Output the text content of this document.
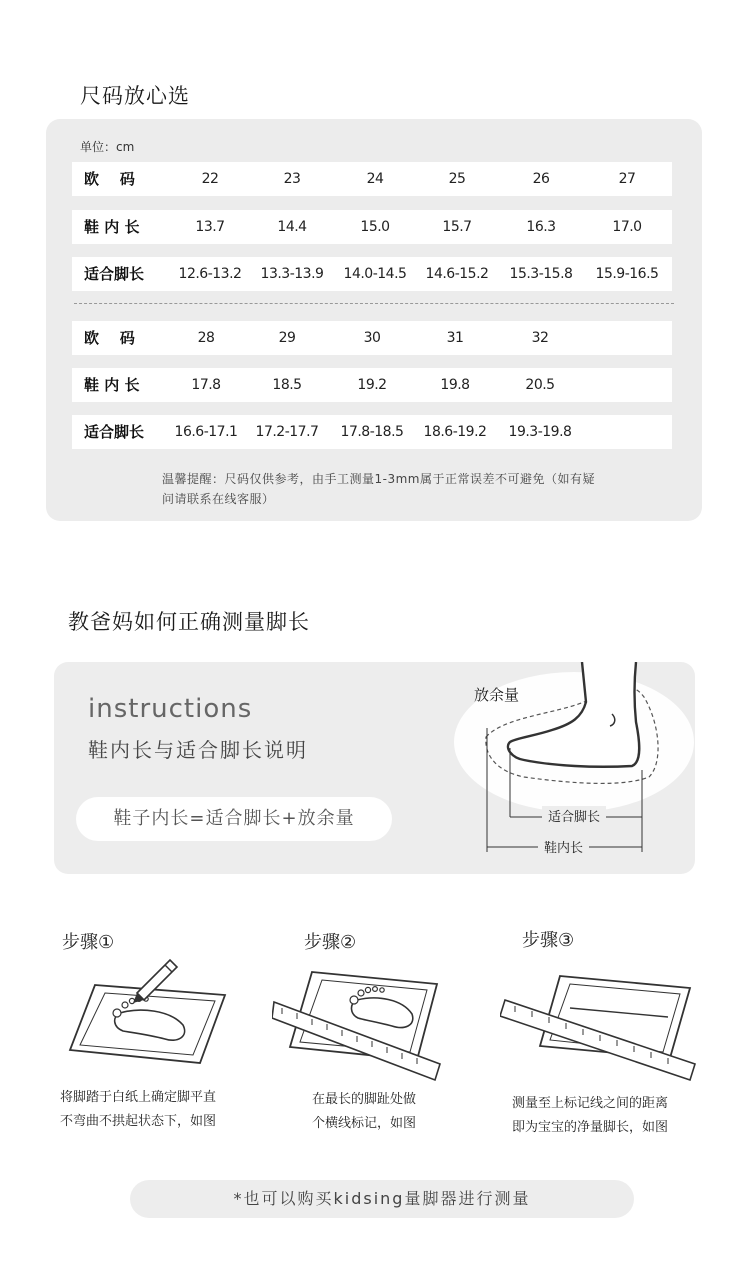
尺码放心选
单位：cm
欧    码	22	23	24	25	26	27
鞋 内 长	13.7	14.4	15.0	15.7	16.3	17.0
适合脚长	12.6-13.2	13.3-13.9	14.0-14.5	14.6-15.2	15.3-15.8	15.9-16.5
欧    码	28	29	30	31	32
鞋 内 长	17.8	18.5	19.2	19.8	20.5
适合脚长	16.6-17.1	17.2-17.7	17.8-18.5	18.6-19.2	19.3-19.8
温馨提醒：尺码仅供参考，由手工测量1-3mm属于正常误差不可避免（如有疑
问请联系在线客服）
教爸妈如何正确测量脚长
instructions
鞋内长与适合脚长说明
鞋子内长=适合脚长+放余量
放余量
适合脚长
鞋内长
步骤①	步骤②	步骤③
将脚踏于白纸上确定脚平直
不弯曲不拱起状态下，如图
在最长的脚趾处做
个横线标记，如图
测量至上标记线之间的距离
即为宝宝的净量脚长，如图
*也可以购买kidsing量脚器进行测量
